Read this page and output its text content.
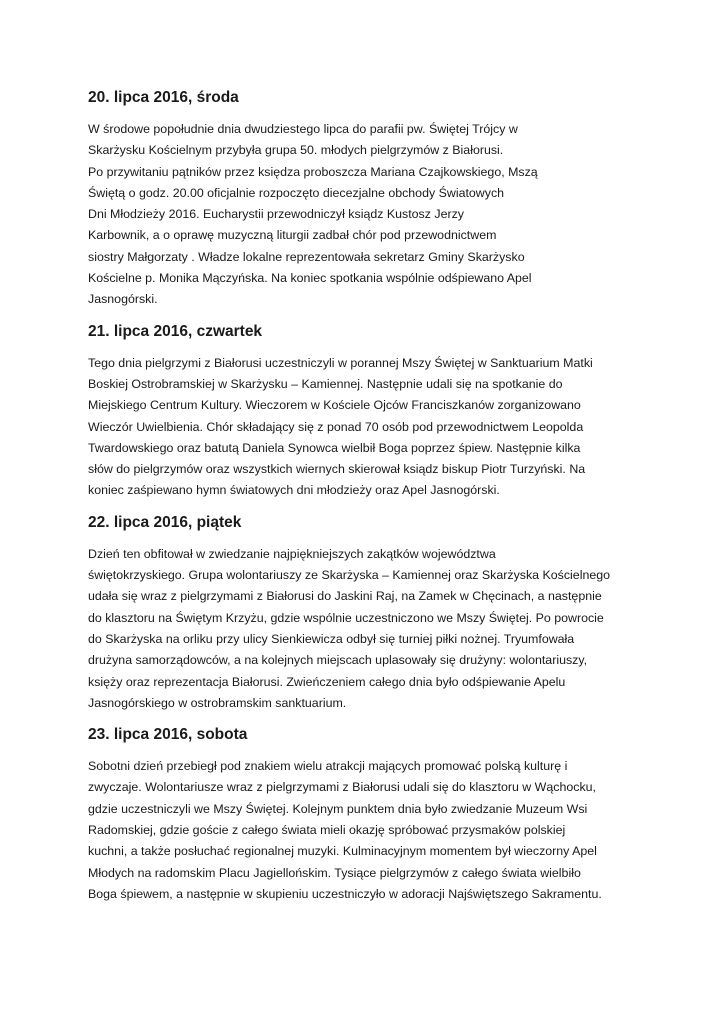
20. lipca 2016, środa
W środowe popołudnie dnia dwudziestego lipca do parafii pw. Świętej Trójcy w
Skarżysku Kościelnym przybyła grupa 50. młodych pielgrzymów z Białorusi.
Po przywitaniu pątników przez księdza proboszcza Mariana Czajkowskiego, Mszą
Świętą o godz. 20.00 oficjalnie rozpoczęto diecezjalne obchody Światowych
Dni Młodzieży 2016. Eucharystii przewodniczył ksiądz Kustosz Jerzy
Karbownik, a o oprawę muzyczną liturgii zadbał chór pod przewodnictwem
siostry Małgorzaty . Władze lokalne reprezentowała sekretarz Gminy Skarżysko
Kościelne p. Monika Mączyńska. Na koniec spotkania wspólnie odśpiewano Apel
Jasnogórski.
21. lipca 2016, czwartek
Tego dnia pielgrzymi z Białorusi uczestniczyli w porannej Mszy Świętej w Sanktuarium Matki
Boskiej Ostrobramskiej w Skarżysku – Kamiennej. Następnie udali się na spotkanie do
Miejskiego Centrum Kultury. Wieczorem w Kościele Ojców Franciszkanów zorganizowano
Wieczór Uwielbienia. Chór składający się z ponad 70 osób pod przewodnictwem Leopolda
Twardowskiego oraz batutą Daniela Synowca wielbił Boga poprzez śpiew. Następnie kilka
słów do pielgrzymów oraz wszystkich wiernych skierował ksiądz biskup Piotr Turzyński. Na
koniec zaśpiewano hymn światowych dni młodzieży oraz Apel Jasnogórski.
22. lipca 2016, piątek
Dzień ten obfitował w zwiedzanie najpiękniejszych zakątków województwa
świętokrzyskiego. Grupa wolontariuszy ze Skarżyska – Kamiennej oraz Skarżyska Kościelnego
udała się wraz z pielgrzymami z Białorusi do Jaskini Raj, na Zamek w Chęcinach, a następnie
do klasztoru na Świętym Krzyżu, gdzie wspólnie uczestniczono we Mszy Świętej. Po powrocie
do Skarżyska na orliku przy ulicy Sienkiewicza odbył się turniej piłki nożnej. Tryumfowała
drużyna samorządowców, a na kolejnych miejscach uplasowały się drużyny: wolontariuszy,
księży oraz reprezentacja Białorusi. Zwieńczeniem całego dnia było odśpiewanie Apelu
Jasnogórskiego w ostrobramskim sanktuarium.
23. lipca 2016, sobota
Sobotni dzień przebiegł pod znakiem wielu atrakcji mających promować polską kulturę i
zwyczaje. Wolontariusze wraz z pielgrzymami z Białorusi udali się do klasztoru w Wąchocku,
gdzie uczestniczyli we Mszy Świętej. Kolejnym punktem dnia było zwiedzanie Muzeum Wsi
Radomskiej, gdzie goście z całego świata mieli okazję spróbować przysmaków polskiej
kuchni, a także posłuchać regionalnej muzyki. Kulminacyjnym momentem był wieczorny Apel
Młodych na radomskim Placu Jagiellońskim. Tysiące pielgrzymów z całego świata wielbiło
Boga śpiewem, a następnie w skupieniu uczestniczyło w adoracji Najświętszego Sakramentu.
